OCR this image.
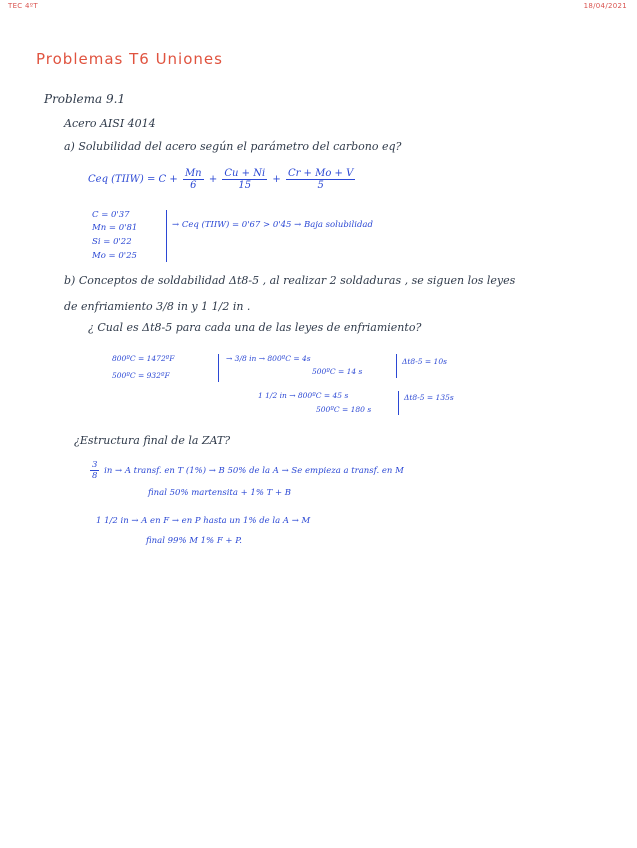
TEC 4ºT	18/04/2021
Problemas T6 Uniones
Problema 9.1
Acero AISI 4014
a) Solubilidad del acero según el parámetro del carbono eq?
Ceq (TIIW) = $C + \frac{Mn}{6} + \frac{Cu + Ni}{15} + \frac{Cr + Mo + V}{5}$
C = 0'37
Mn = 0'81
Si = 0'22
Mo = 0'25
→ Ceq (TIIW) = 0'67 > 0'45 → Baja solubilidad
b) Conceptos de soldabilidad Δt8-5 , al realizar 2 soldaduras , se siguen los leyes
de enfriamiento 3/8 in y 1 1/2 in .
¿ Cual es Δt8-5 para cada una de las leyes de enfriamiento?
800ºC = 1472ºF
500ºC = 932ºF
→ 3/8 in → 800ºC = 4s
500ºC = 14 s
Δt8-5 = 10s
1 1/2 in → 800ºC = 45 s
500ºC = 180 s
Δt8-5 = 135s
¿Estructura final de la ZAT?
$\frac{3}{8}$ in → A transf. en T (1%) → B 50% de la A → Se empieza a transf. en M
final 50% martensita + 1% T + B
1 1/2 in → A en F → en P hasta un 1% de la A → M
final 99% M 1% F + P.
